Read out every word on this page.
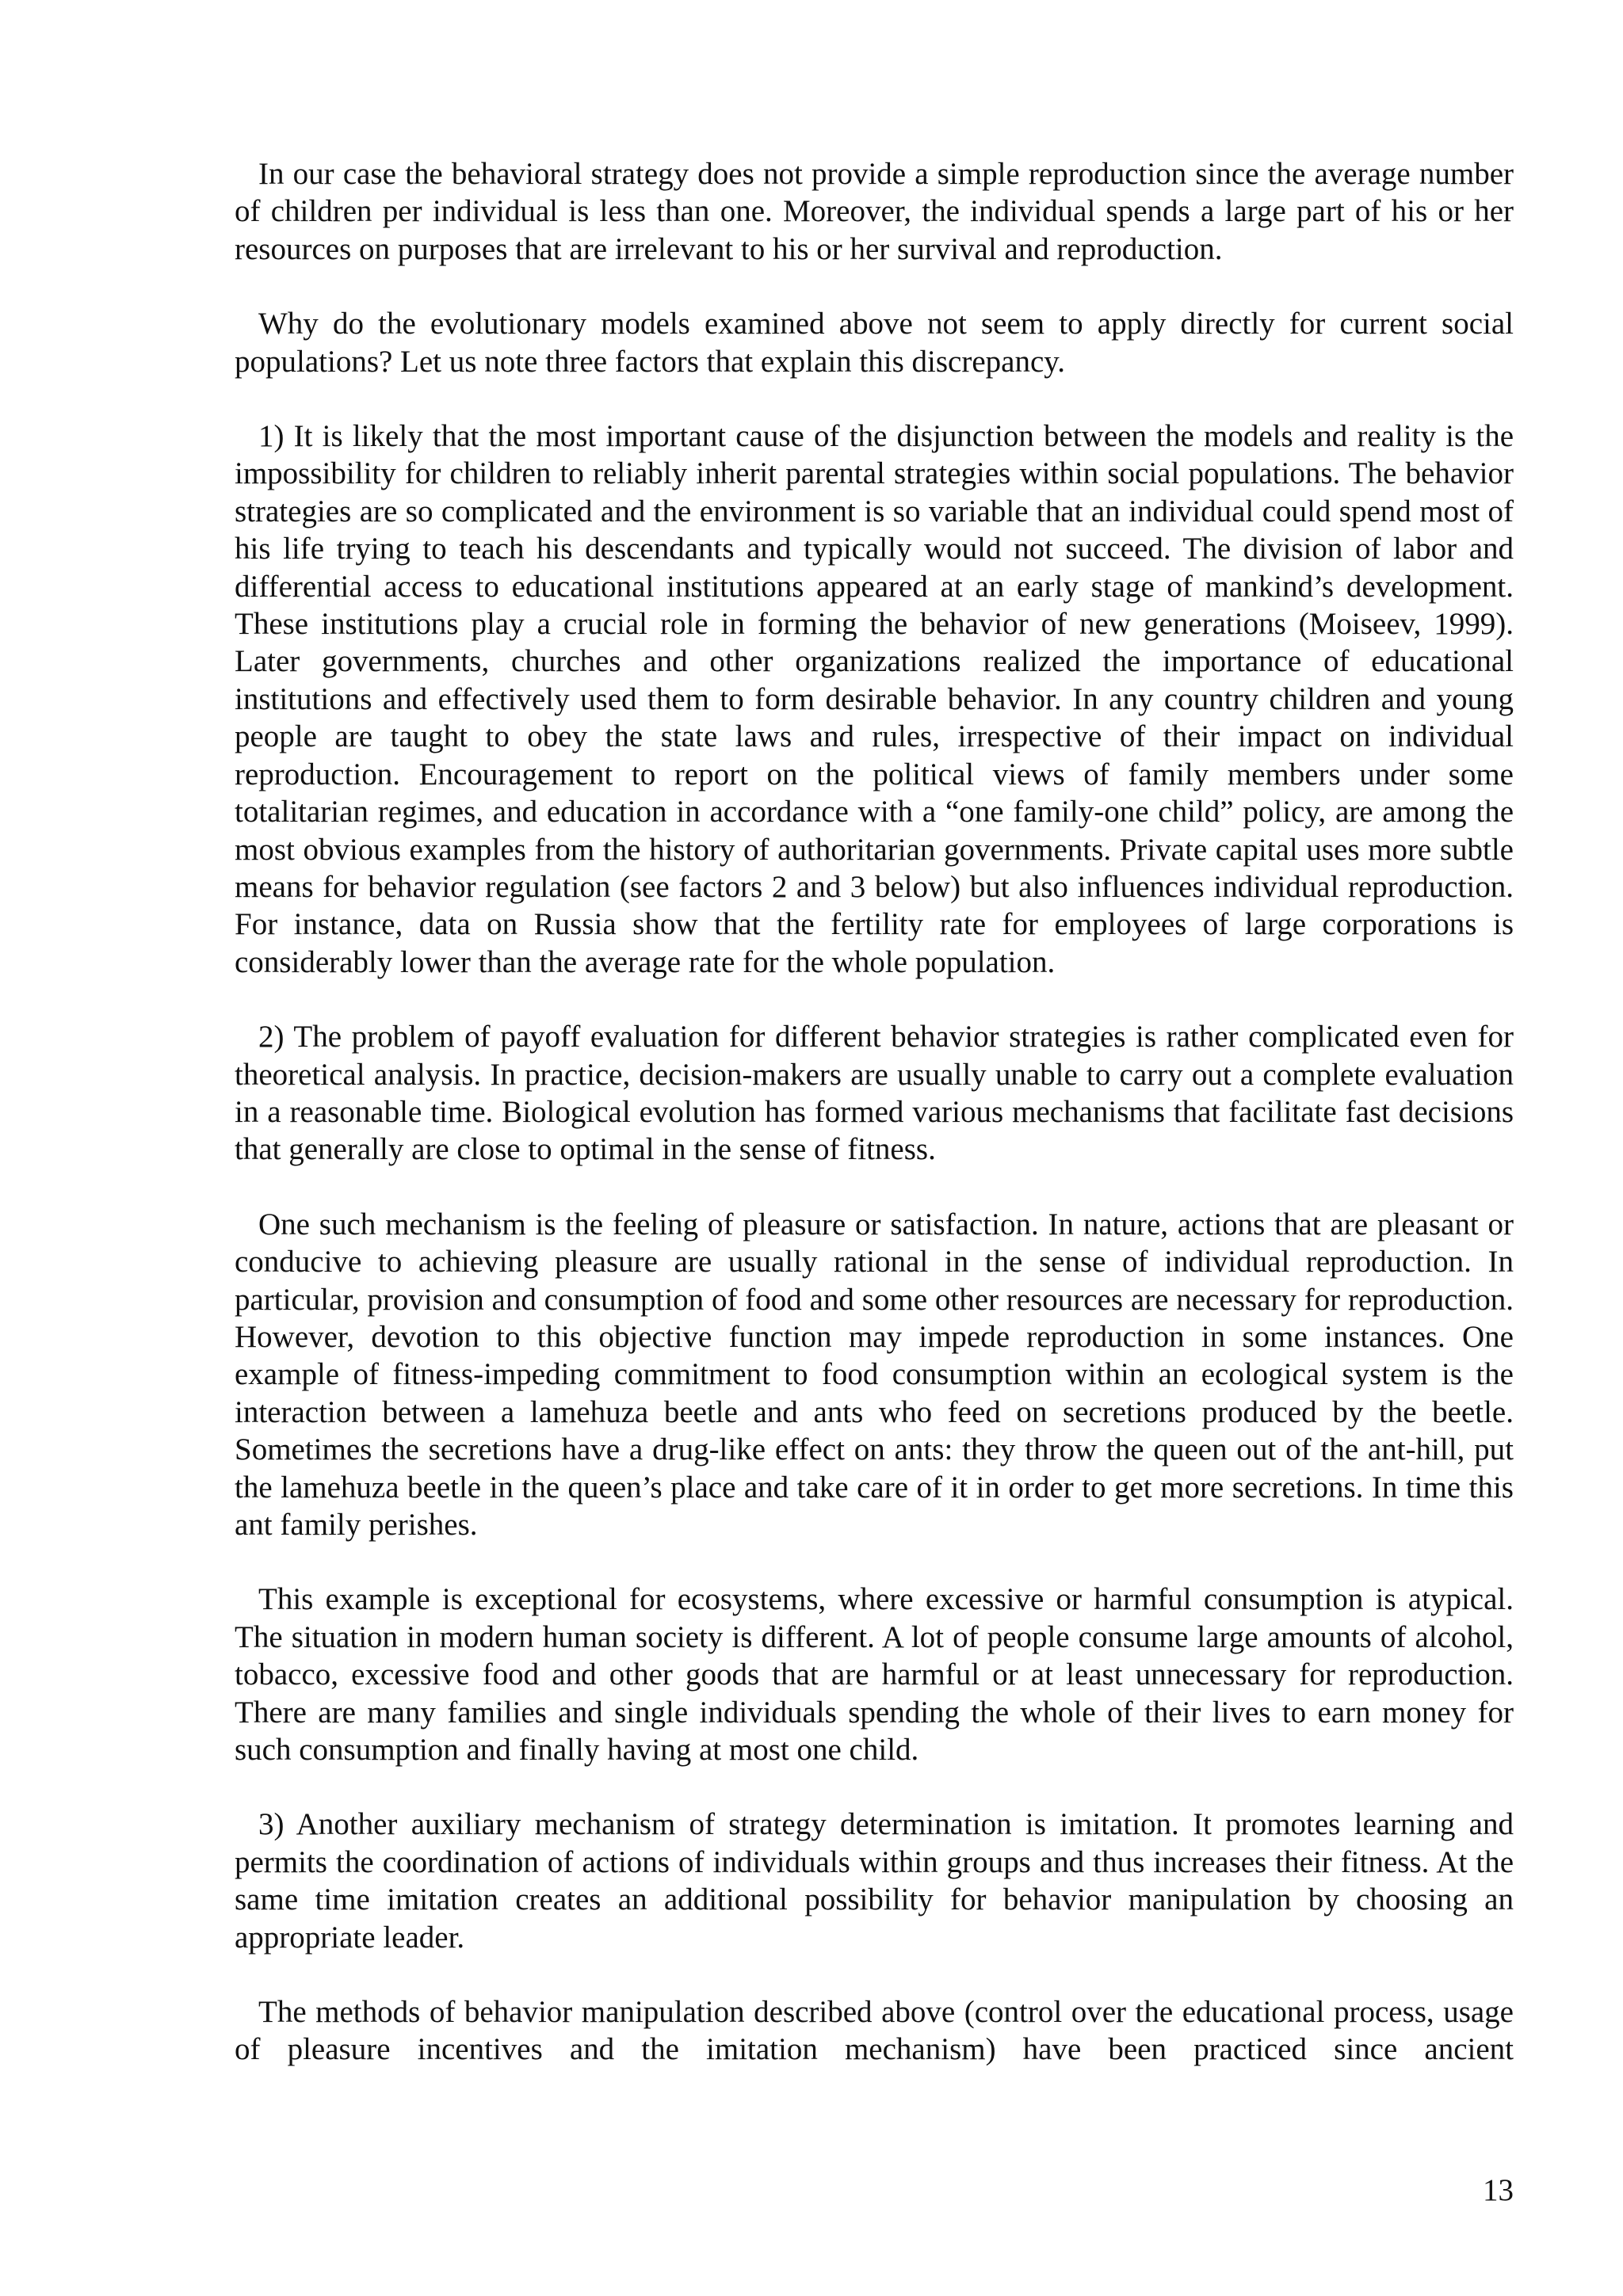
In our case the behavioral strategy does not provide a simple reproduction since the average number of children per individual is less than one. Moreover, the individual spends a large part of his or her resources on purposes that are irrelevant to his or her survival and reproduction.

Why do the evolutionary models examined above not seem to apply directly for current social populations? Let us note three factors that explain this discrepancy.

1) It is likely that the most important cause of the disjunction between the models and reality is the impossibility for children to reliably inherit parental strategies within social populations. The behavior strategies are so complicated and the environment is so variable that an individual could spend most of his life trying to teach his descendants and typically would not succeed. The division of labor and differential access to educational institutions appeared at an early stage of mankind’s development. These institutions play a crucial role in forming the behavior of new generations (Moiseev, 1999). Later governments, churches and other organizations realized the importance of educational institutions and effectively used them to form desirable behavior. In any country children and young people are taught to obey the state laws and rules, irrespective of their impact on individual reproduction. Encouragement to report on the political views of family members under some totalitarian regimes, and education in accordance with a “one family-one child” policy, are among the most obvious examples from the history of authoritarian governments. Private capital uses more subtle means for behavior regulation (see factors 2 and 3 below) but also influences individual reproduction. For instance, data on Russia show that the fertility rate for employees of large corporations is considerably lower than the average rate for the whole population.

2) The problem of payoff evaluation for different behavior strategies is rather complicated even for theoretical analysis. In practice, decision-makers are usually unable to carry out a complete evaluation in a reasonable time. Biological evolution has formed various mechanisms that facilitate fast decisions that generally are close to optimal in the sense of fitness.

One such mechanism is the feeling of pleasure or satisfaction. In nature, actions that are pleasant or conducive to achieving pleasure are usually rational in the sense of individual reproduction. In particular, provision and consumption of food and some other resources are necessary for reproduction. However, devotion to this objective function may impede reproduction in some instances. One example of fitness-impeding commitment to food consumption within an ecological system is the interaction between a lamehuza beetle and ants who feed on secretions produced by the beetle. Sometimes the secretions have a drug-like effect on ants: they throw the queen out of the ant-hill, put the lamehuza beetle in the queen’s place and take care of it in order to get more secretions. In time this ant family perishes.

This example is exceptional for ecosystems, where excessive or harmful consumption is atypical. The situation in modern human society is different. A lot of people consume large amounts of alcohol, tobacco, excessive food and other goods that are harmful or at least unnecessary for reproduction. There are many families and single individuals spending the whole of their lives to earn money for such consumption and finally having at most one child.

3) Another auxiliary mechanism of strategy determination is imitation. It promotes learning and permits the coordination of actions of individuals within groups and thus increases their fitness. At the same time imitation creates an additional possibility for behavior manipulation by choosing an appropriate leader.

The methods of behavior manipulation described above (control over the educational process, usage of pleasure incentives and the imitation mechanism) have been practiced since ancient

13
